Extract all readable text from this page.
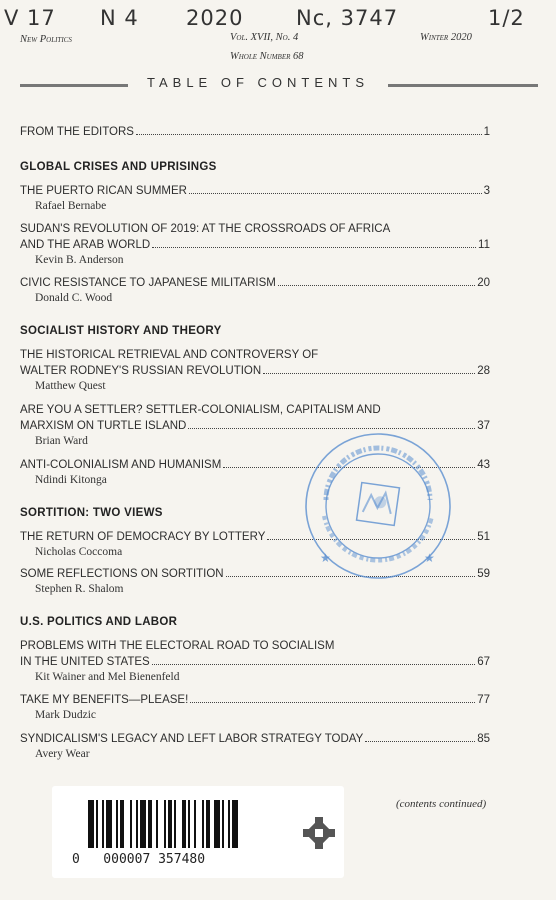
V 17 N 4 2020	Nc, 3747	1/2
New Politics	Vol. XVII, No. 4	Winter 2020
Whole Number 68
TABLE OF CONTENTS
FROM THE EDITORS	1
GLOBAL CRISES AND UPRISINGS
THE PUERTO RICAN SUMMER	3
Rafael Bernabe
SUDAN'S REVOLUTION OF 2019: AT THE CROSSROADS OF AFRICA
AND THE ARAB WORLD	11
Kevin B. Anderson
CIVIC RESISTANCE TO JAPANESE MILITARISM	20
Donald C. Wood
SOCIALIST HISTORY AND THEORY
THE HISTORICAL RETRIEVAL AND CONTROVERSY OF
WALTER RODNEY'S RUSSIAN REVOLUTION	28
Matthew Quest
ARE YOU A SETTLER? SETTLER-COLONIALISM, CAPITALISM AND
MARXISM ON TURTLE ISLAND	37
Brian Ward
ANTI-COLONIALISM AND HUMANISM	43
Ndindi Kitonga
SORTITION: TWO VIEWS
THE RETURN OF DEMOCRACY BY LOTTERY	51
Nicholas Coccoma
SOME REFLECTIONS ON SORTITION	59
Stephen R. Shalom
U.S. POLITICS AND LABOR
PROBLEMS WITH THE ELECTORAL ROAD TO SOCIALISM
IN THE UNITED STATES	67
Kit Wainer and Mel Bienenfeld
TAKE MY BENEFITS—PLEASE!	77
Mark Dudzic
SYNDICALISM'S LEGACY AND LEFT LABOR STRATEGY TODAY	85
Avery Wear
★	★
0   000007 357480
(contents continued)
